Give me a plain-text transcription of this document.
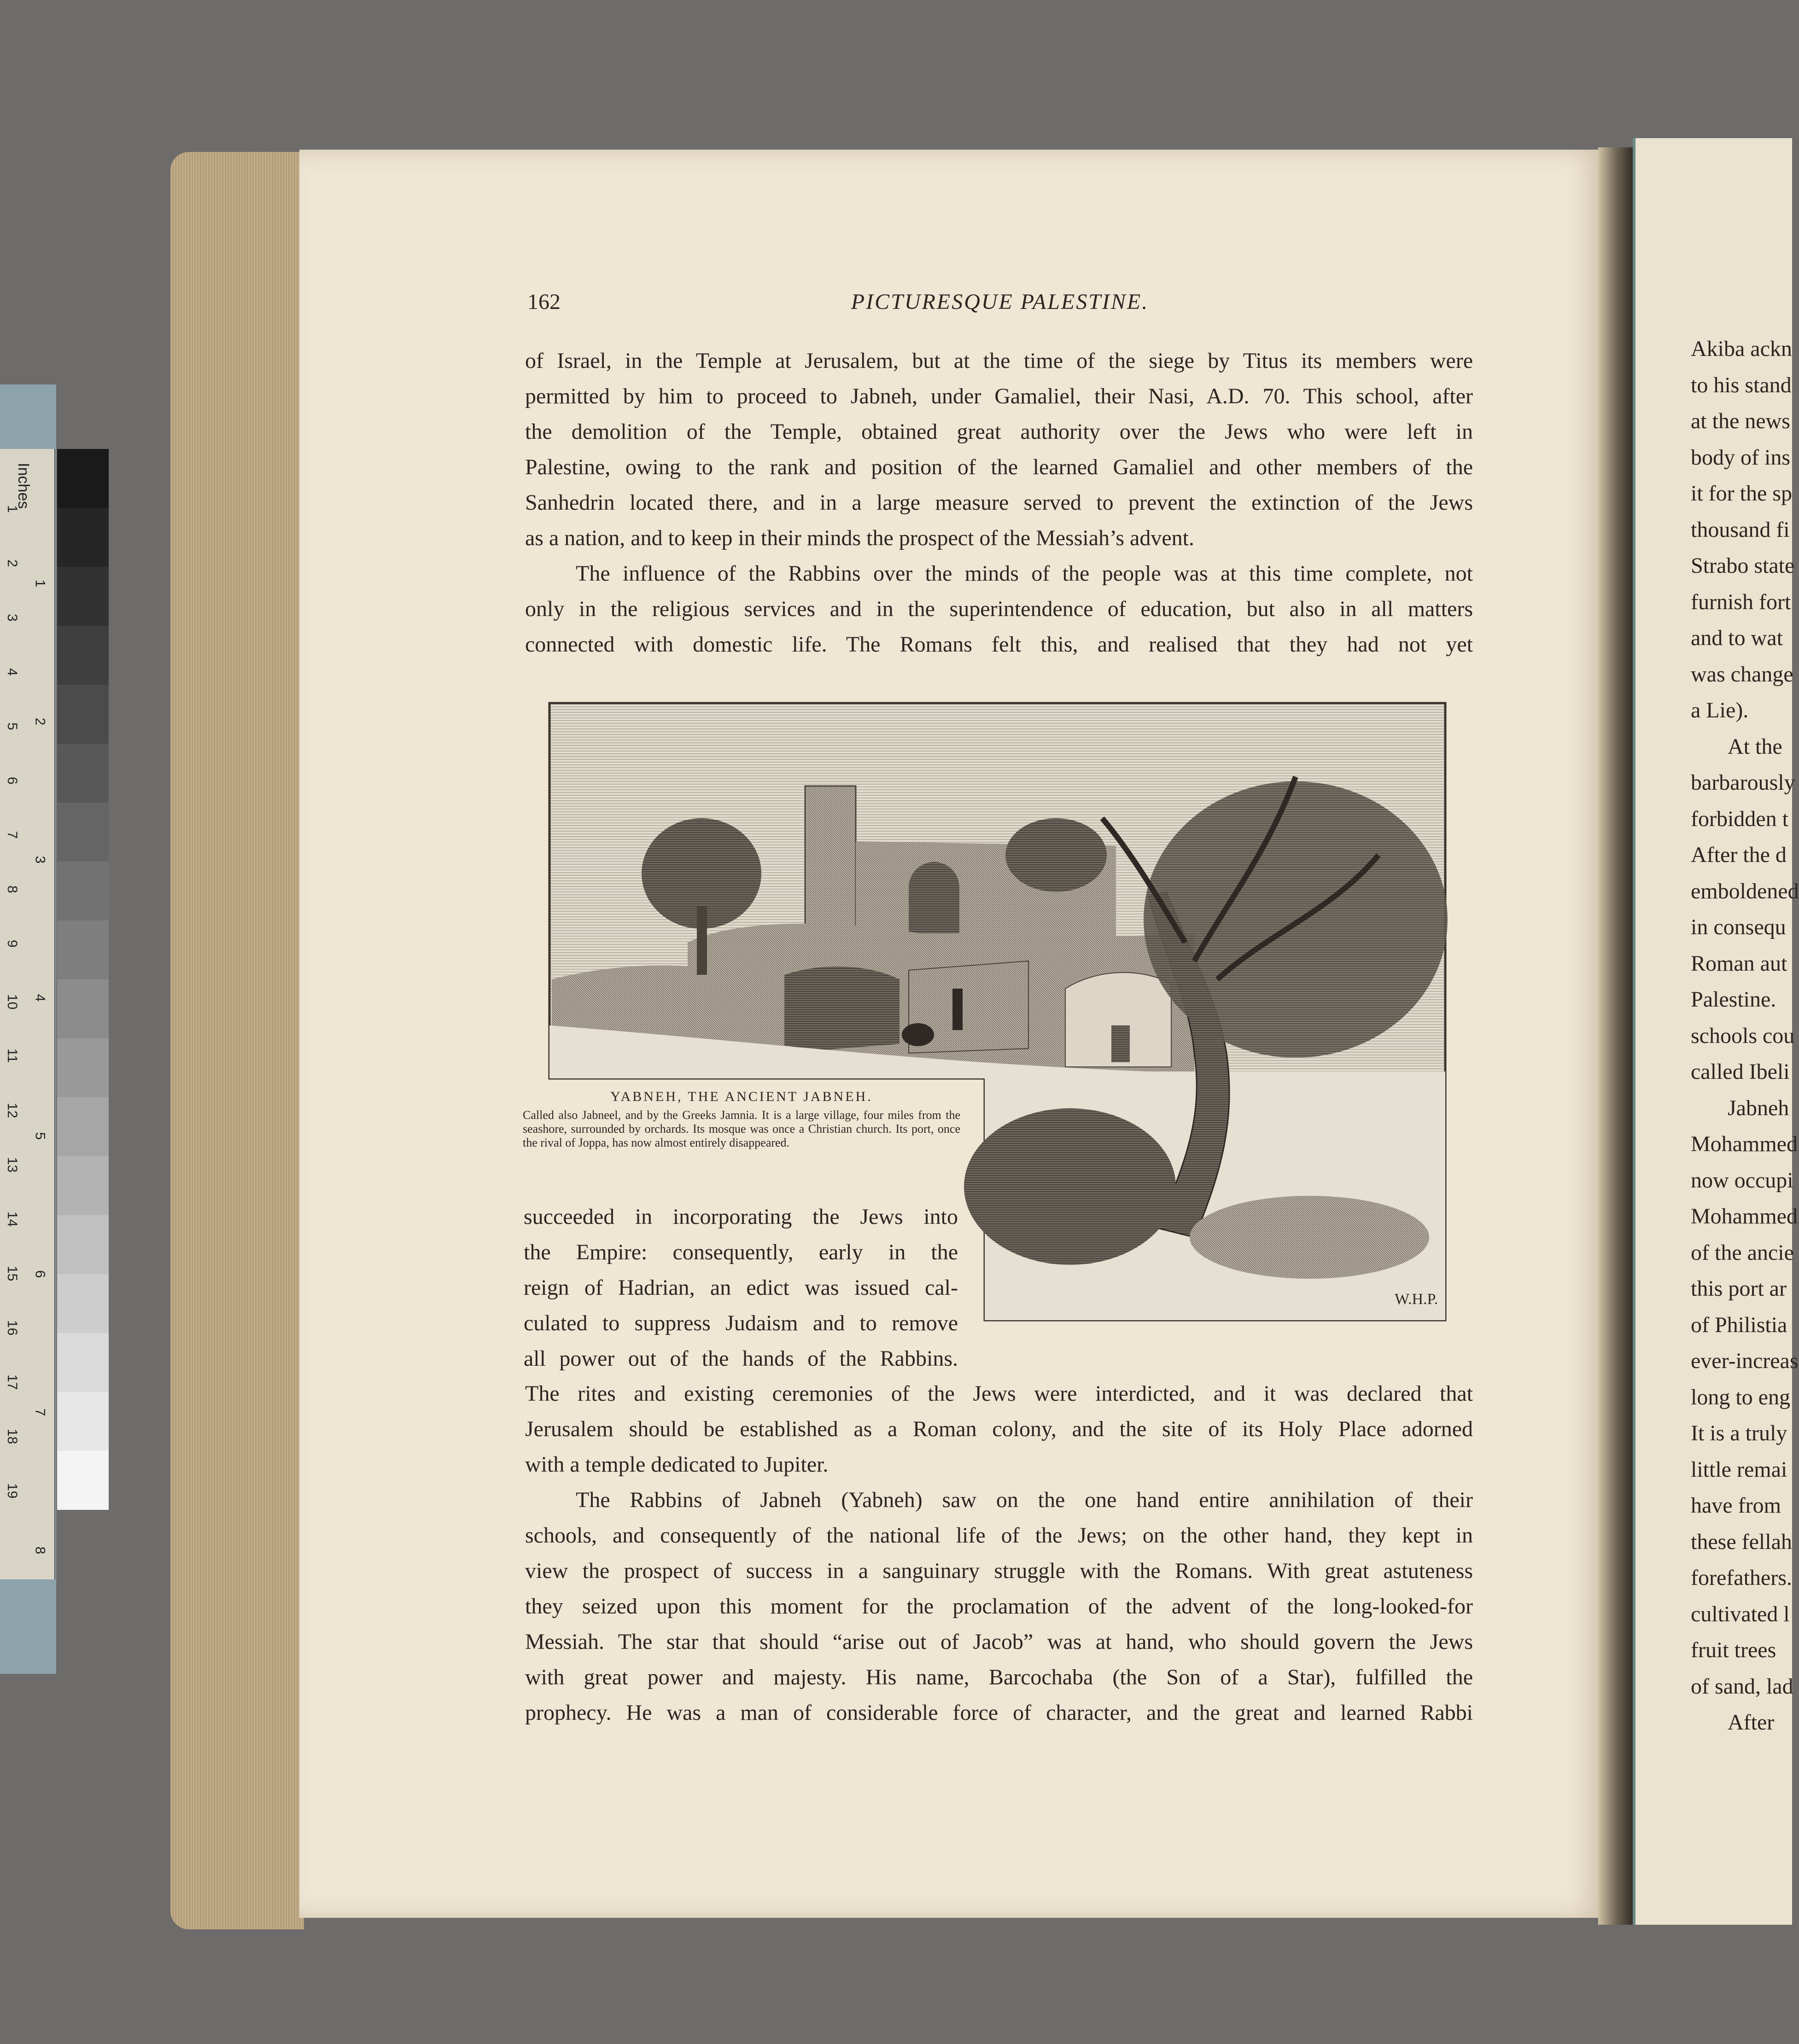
Inches
1
2
3
4
5
6
7
8
9
10
11
12
13
14
15
16
17
18
19
1
2
3
4
5
6
7
8
Akiba ackn
to his stand
at the news
body of ins
it for the sp
thousand fi
Strabo state
furnish fort
and to wat
was change
a Lie).
At the
barbarously
forbidden t
After the d
emboldened
in consequ
Roman aut
Palestine.
schools cou
called Ibeli
Jabneh
Mohammed
now occupi
Mohammed
of the ancie
this port ar
of Philistia
ever-increas
long to eng
It is a truly
little remai
have from
these fellah
forefathers.
cultivated l
fruit trees
of sand, lad
After
162	PICTURESQUE PALESTINE.
of Israel, in the Temple at Jerusalem, but at the time of the siege by Titus its members were
permitted by him to proceed to Jabneh, under Gamaliel, their Nasi, A.D. 70. This school, after
the demolition of the Temple, obtained great authority over the Jews who were left in
Palestine, owing to the rank and position of the learned Gamaliel and other members of the
Sanhedrin located there, and in a large measure served to prevent the extinction of the Jews
as a nation, and to keep in their minds the prospect of the Messiah’s advent.
The influence of the Rabbins over the minds of the people was at this time complete, not
only in the religious services and in the superintendence of education, but also in all matters
connected with domestic life. The Romans felt this, and realised that they had not yet
W.H.P.
YABNEH, THE ANCIENT JABNEH.
Called also Jabneel, and by the Greeks Jamnia. It is a large village, four miles from the seashore, surrounded by orchards. Its mosque was once a Christian church. Its port, once the rival of Joppa, has now almost entirely disappeared.
succeeded in incorporating the Jews into
the Empire: consequently, early in the
reign of Hadrian, an edict was issued cal-
culated to suppress Judaism and to remove
all power out of the hands of the Rabbins.
The rites and existing ceremonies of the Jews were interdicted, and it was declared that
Jerusalem should be established as a Roman colony, and the site of its Holy Place adorned
with a temple dedicated to Jupiter.
The Rabbins of Jabneh (Yabneh) saw on the one hand entire annihilation of their
schools, and consequently of the national life of the Jews; on the other hand, they kept in
view the prospect of success in a sanguinary struggle with the Romans. With great astuteness
they seized upon this moment for the proclamation of the advent of the long-looked-for
Messiah. The star that should “arise out of Jacob” was at hand, who should govern the Jews
with great power and majesty. His name, Barcochaba (the Son of a Star), fulfilled the
prophecy. He was a man of considerable force of character, and the great and learned Rabbi
